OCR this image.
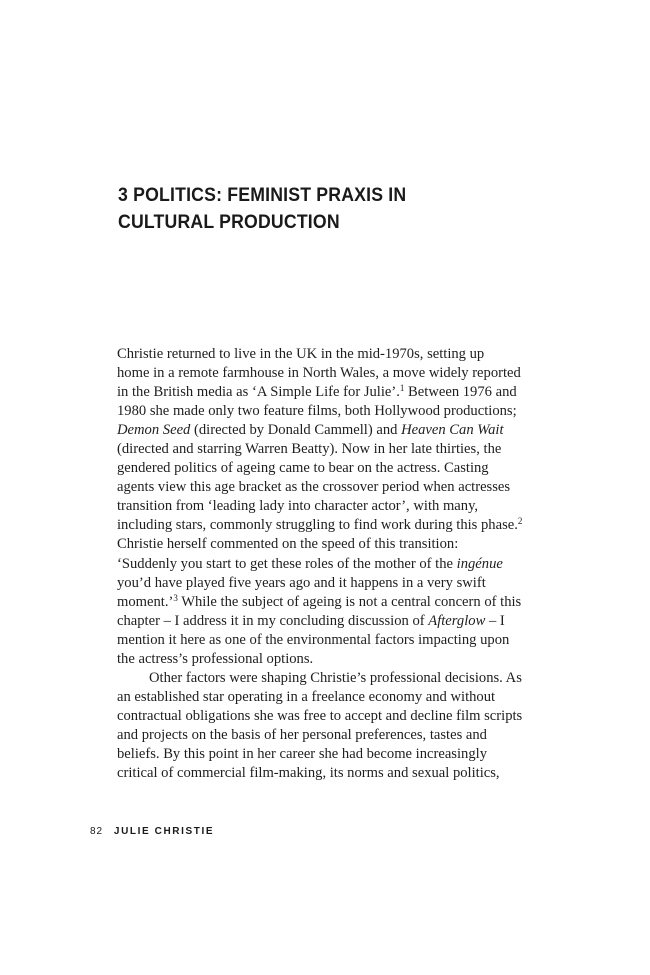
3 POLITICS: FEMINIST PRAXIS IN
CULTURAL PRODUCTION
Christie returned to live in the UK in the mid-1970s, setting up
home in a remote farmhouse in North Wales, a move widely reported
in the British media as ‘A Simple Life for Julie’.$^1$ Between 1976 and
1980 she made only two feature films, both Hollywood productions;
Demon Seed (directed by Donald Cammell) and Heaven Can Wait
(directed and starring Warren Beatty). Now in her late thirties, the
gendered politics of ageing came to bear on the actress. Casting
agents view this age bracket as the crossover period when actresses
transition from ‘leading lady into character actor’, with many,
including stars, commonly struggling to find work during this phase.$^2$
Christie herself commented on the speed of this transition:
‘Suddenly you start to get these roles of the mother of the ingénue
you’d have played five years ago and it happens in a very swift
moment.’$^3$ While the subject of ageing is not a central concern of this
chapter – I address it in my concluding discussion of Afterglow – I
mention it here as one of the environmental factors impacting upon
the actress’s professional options.
Other factors were shaping Christie’s professional decisions. As
an established star operating in a freelance economy and without
contractual obligations she was free to accept and decline film scripts
and projects on the basis of her personal preferences, tastes and
beliefs. By this point in her career she had become increasingly
critical of commercial film-making, its norms and sexual politics,
82 JULIE CHRISTIE
